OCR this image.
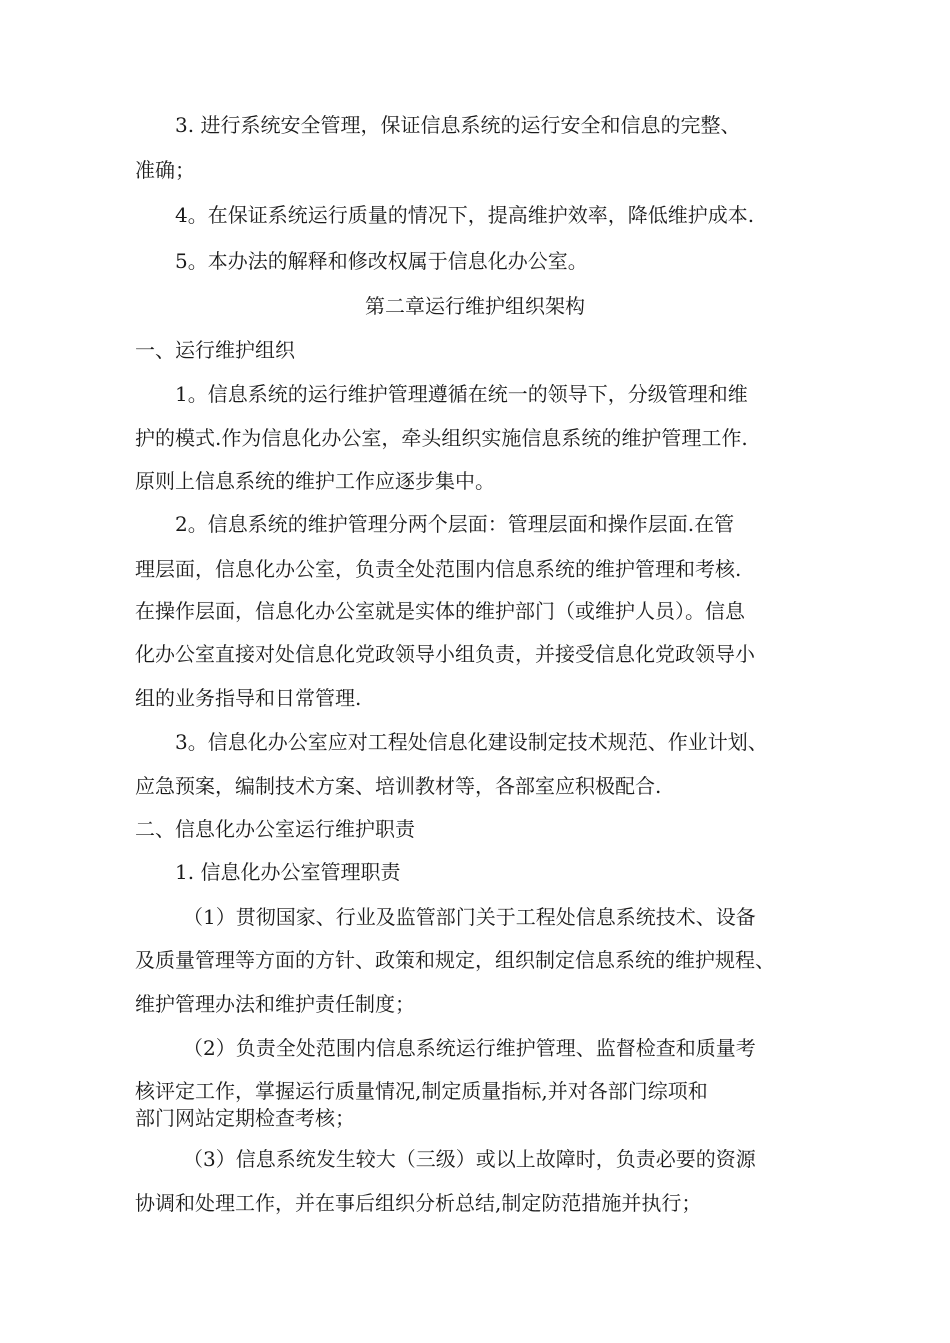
3. 进行系统安全管理，保证信息系统的运行安全和信息的完整、
准确；
4。在保证系统运行质量的情况下，提高维护效率，降低维护成本.
5。本办法的解释和修改权属于信息化办公室。
第二章运行维护组织架构
一、运行维护组织
1。信息系统的运行维护管理遵循在统一的领导下，分级管理和维
护的模式.作为信息化办公室，牵头组织实施信息系统的维护管理工作.
原则上信息系统的维护工作应逐步集中。
2。信息系统的维护管理分两个层面：管理层面和操作层面.在管
理层面，信息化办公室，负责全处范围内信息系统的维护管理和考核.
在操作层面，信息化办公室就是实体的维护部门（或维护人员）。信息
化办公室直接对处信息化党政领导小组负责，并接受信息化党政领导小
组的业务指导和日常管理.
3。信息化办公室应对工程处信息化建设制定技术规范、作业计划、
应急预案，编制技术方案、培训教材等，各部室应积极配合.
二、信息化办公室运行维护职责
1. 信息化办公室管理职责
（1）贯彻国家、行业及监管部门关于工程处信息系统技术、设备
及质量管理等方面的方针、政策和规定，组织制定信息系统的维护规程、
维护管理办法和维护责任制度；
（2）负责全处范围内信息系统运行维护管理、监督检查和质量考
核评定工作，掌握运行质量情况,制定质量指标,并对各部门综项和
部门网站定期检查考核；
（3）信息系统发生较大（三级）或以上故障时，负责必要的资源
协调和处理工作，并在事后组织分析总结,制定防范措施并执行；
